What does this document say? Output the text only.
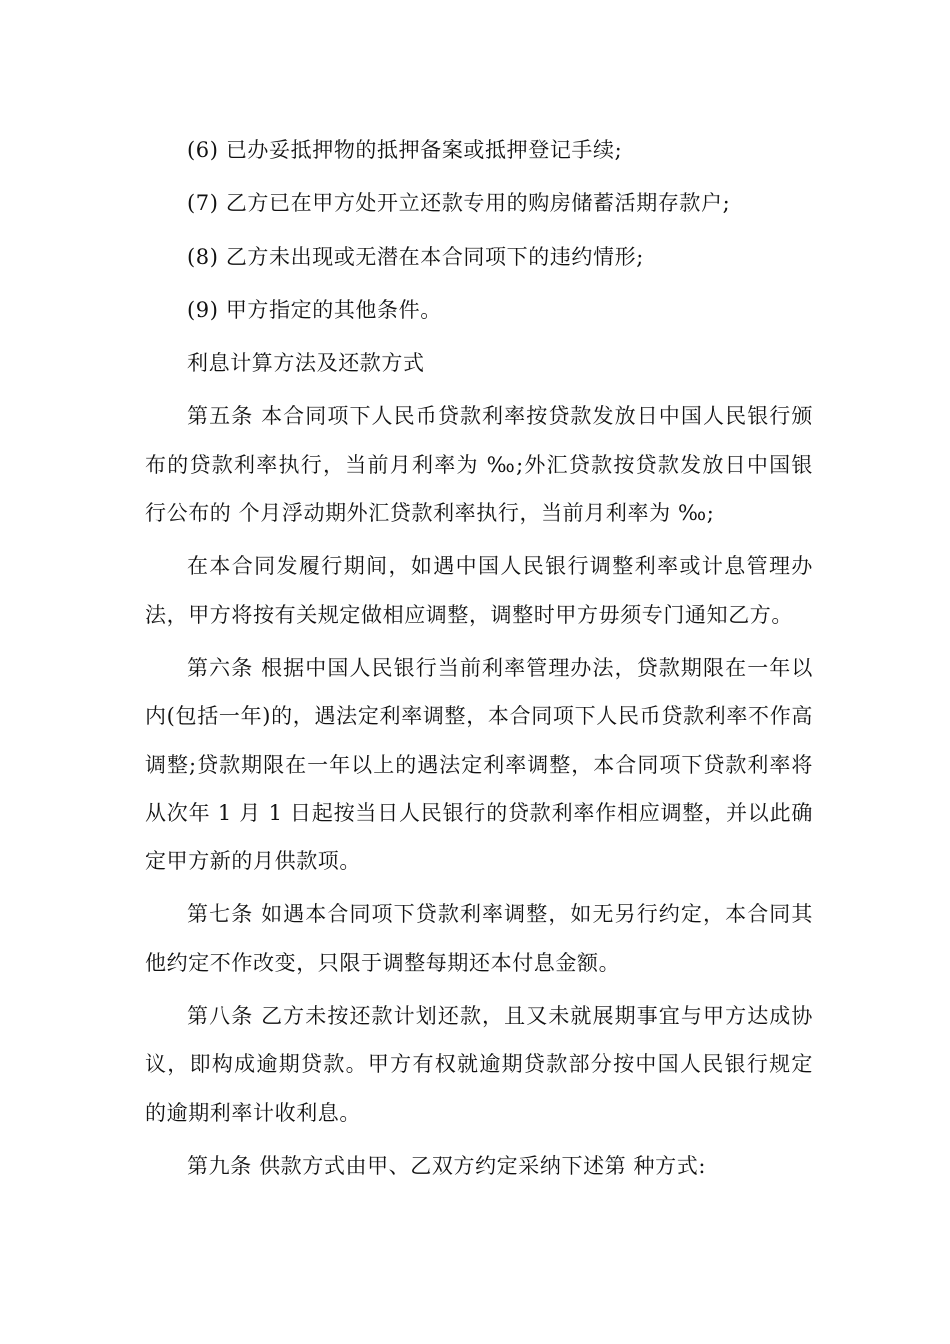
(6) 已办妥抵押物的抵押备案或抵押登记手续;

(7) 乙方已在甲方处开立还款专用的购房储蓄活期存款户;

(8) 乙方未出现或无潜在本合同项下的违约情形;

(9) 甲方指定的其他条件。

利息计算方法及还款方式

第五条 本合同项下人民币贷款利率按贷款发放日中国人民银行颁布的贷款利率执行，当前月利率为 ‰;外汇贷款按贷款发放日中国银行公布的 个月浮动期外汇贷款利率执行，当前月利率为 ‰;

在本合同发履行期间，如遇中国人民银行调整利率或计息管理办法，甲方将按有关规定做相应调整，调整时甲方毋须专门通知乙方。

第六条 根据中国人民银行当前利率管理办法，贷款期限在一年以内(包括一年)的，遇法定利率调整，本合同项下人民币贷款利率不作高调整;贷款期限在一年以上的遇法定利率调整，本合同项下贷款利率将从次年 1 月 1 日起按当日人民银行的贷款利率作相应调整，并以此确定甲方新的月供款项。

第七条 如遇本合同项下贷款利率调整，如无另行约定，本合同其他约定不作改变，只限于调整每期还本付息金额。

第八条 乙方未按还款计划还款，且又未就展期事宜与甲方达成协议，即构成逾期贷款。甲方有权就逾期贷款部分按中国人民银行规定的逾期利率计收利息。

第九条 供款方式由甲、乙双方约定采纳下述第 种方式:
